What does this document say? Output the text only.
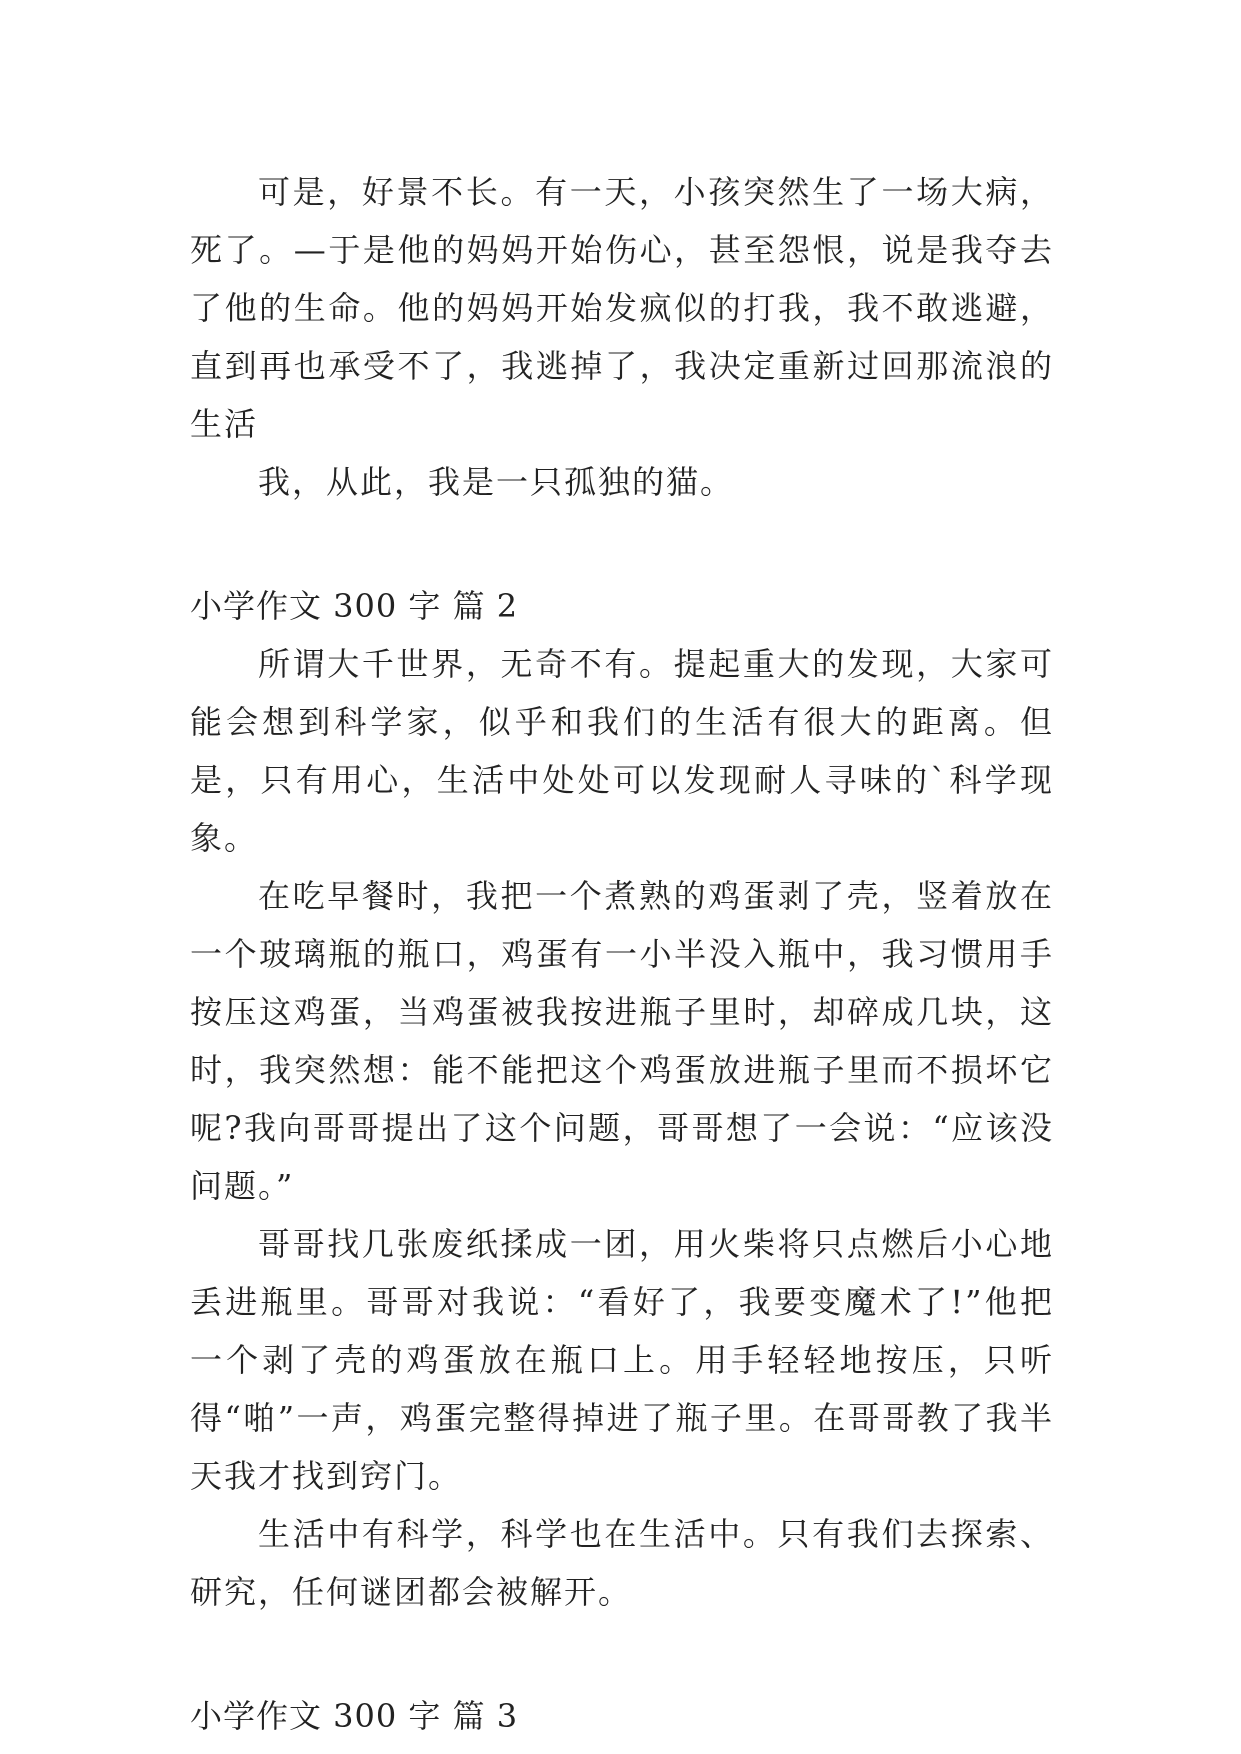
可是，好景不长。有一天，小孩突然生了一场大病，死了。—于是他的妈妈开始伤心，甚至怨恨，说是我夺去了他的生命。他的妈妈开始发疯似的打我，我不敢逃避，直到再也承受不了，我逃掉了，我决定重新过回那流浪的生活

我，从此，我是一只孤独的猫。

小学作文 300 字 篇 2

所谓大千世界，无奇不有。提起重大的发现，大家可能会想到科学家，似乎和我们的生活有很大的距离。但是，只有用心，生活中处处可以发现耐人寻味的`科学现象。

在吃早餐时，我把一个煮熟的鸡蛋剥了壳，竖着放在一个玻璃瓶的瓶口，鸡蛋有一小半没入瓶中，我习惯用手按压这鸡蛋，当鸡蛋被我按进瓶子里时，却碎成几块，这时，我突然想：能不能把这个鸡蛋放进瓶子里而不损坏它呢?我向哥哥提出了这个问题，哥哥想了一会说：“应该没问题。”

哥哥找几张废纸揉成一团，用火柴将只点燃后小心地丢进瓶里。哥哥对我说：“看好了，我要变魔术了!”他把一个剥了壳的鸡蛋放在瓶口上。用手轻轻地按压，只听得“啪”一声，鸡蛋完整得掉进了瓶子里。在哥哥教了我半天我才找到窍门。

生活中有科学，科学也在生活中。只有我们去探索、研究，任何谜团都会被解开。

小学作文 300 字 篇 3
